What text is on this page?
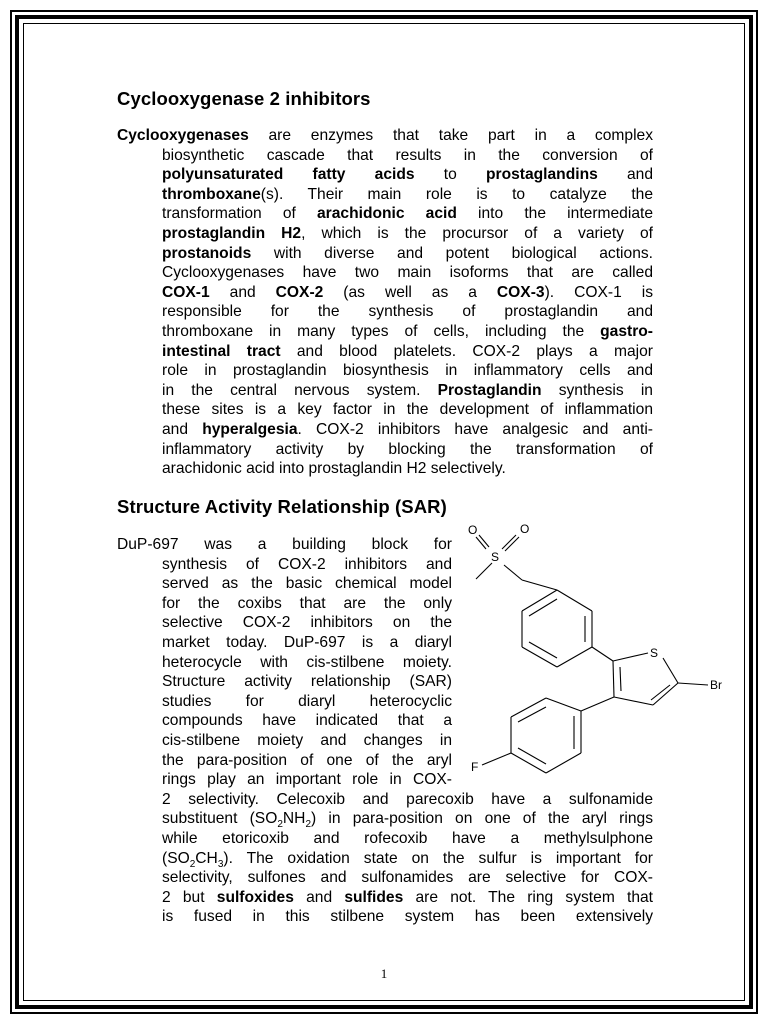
Cyclooxygenase 2 inhibitors
Cyclooxygenases are enzymes that take part in a complex
biosynthetic cascade that results in the conversion of
polyunsaturated fatty acids to prostaglandins and
thromboxane(s). Their main role is to catalyze the
transformation of arachidonic acid into the intermediate
prostaglandin H2, which is the procursor of a variety of
prostanoids with diverse and potent biological actions.
Cyclooxygenases have two main isoforms that are called
COX-1 and COX-2 (as well as a COX-3). COX-1 is
responsible for the synthesis of prostaglandin and
thromboxane in many types of cells, including the gastro-
intestinal tract and blood platelets. COX-2 plays a major
role in prostaglandin biosynthesis in inflammatory cells and
in the central nervous system. Prostaglandin synthesis in
these sites is a key factor in the development of inflammation
and hyperalgesia. COX-2 inhibitors have analgesic and anti-
inflammatory activity by blocking the transformation of
arachidonic acid into prostaglandin H2 selectively.
Structure Activity Relationship (SAR)
DuP-697 was a building block for
synthesis of COX-2 inhibitors and
served as the basic chemical model
for the coxibs that are the only
selective COX-2 inhibitors on the
market today. DuP-697 is a diaryl
heterocycle with cis-stilbene moiety.
Structure activity relationship (SAR)
studies for diaryl heterocyclic
compounds have indicated that a
cis-stilbene moiety and changes in
the para-position of one of the aryl
rings play an important role in COX-
2 selectivity. Celecoxib and parecoxib have a sulfonamide
substituent $(SO_2NH_2)$ in para-position on one of the aryl rings
while etoricoxib and rofecoxib have a methylsulphone
$(SO_2CH_3)$. The oxidation state on the sulfur is important for
selectivity, sulfones and sulfonamides are selective for COX-
2 but sulfoxides and sulfides are not. The ring system that
is fused in this stilbene system has been extensively
O	O
S
S
Br
F
1
